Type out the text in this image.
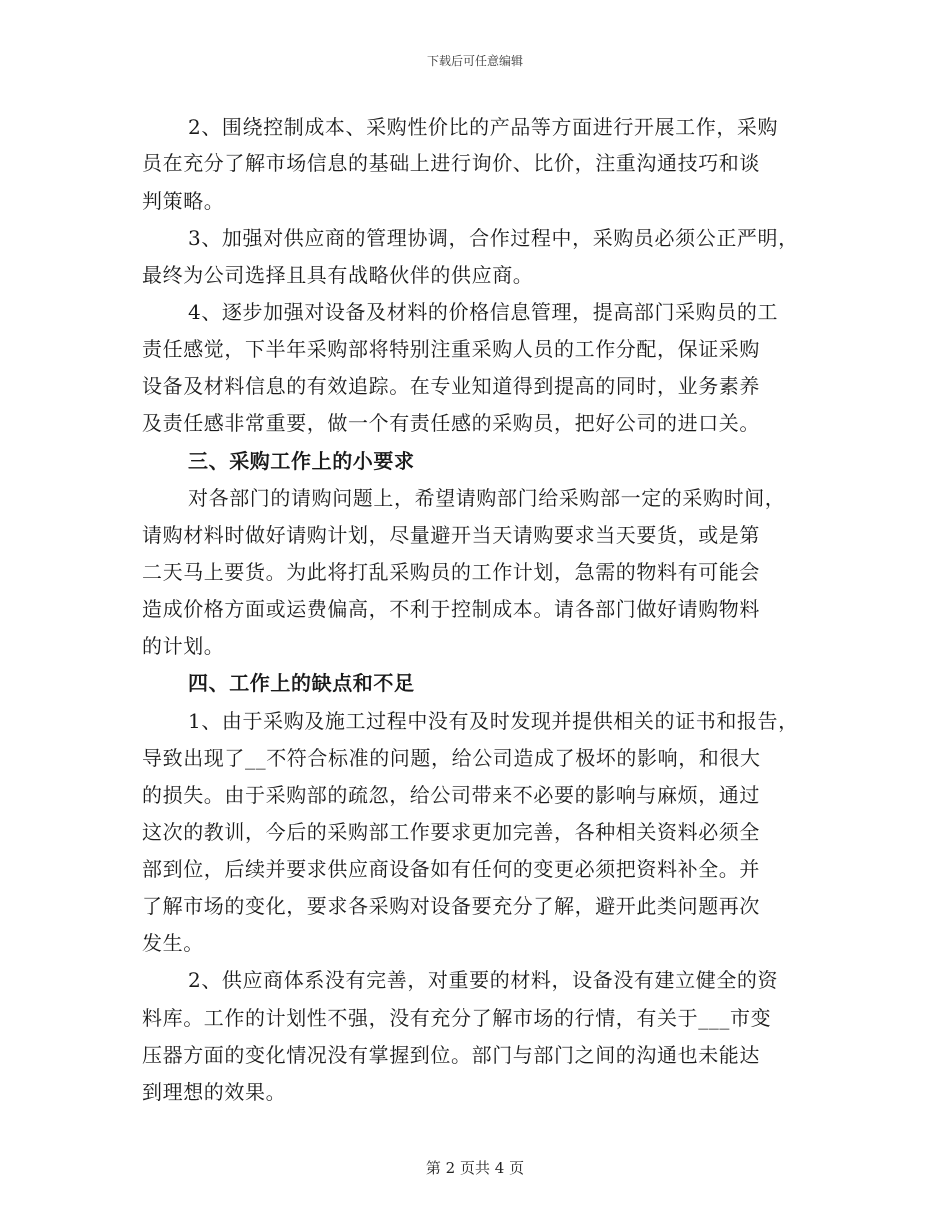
下载后可任意编辑
2、围绕控制成本、采购性价比的产品等方面进行开展工作，采购
员在充分了解市场信息的基础上进行询价、比价，注重沟通技巧和谈
判策略。
3、加强对供应商的管理协调，合作过程中，采购员必须公正严明，
最终为公司选择且具有战略伙伴的供应商。
4、逐步加强对设备及材料的价格信息管理，提高部门采购员的工
责任感觉，下半年采购部将特别注重采购人员的工作分配，保证采购
设备及材料信息的有效追踪。在专业知道得到提高的同时，业务素养
及责任感非常重要，做一个有责任感的采购员，把好公司的进口关。
三、采购工作上的小要求
对各部门的请购问题上，希望请购部门给采购部一定的采购时间，
请购材料时做好请购计划，尽量避开当天请购要求当天要货，或是第
二天马上要货。为此将打乱采购员的工作计划，急需的物料有可能会
造成价格方面或运费偏高，不利于控制成本。请各部门做好请购物料
的计划。
四、工作上的缺点和不足
1、由于采购及施工过程中没有及时发现并提供相关的证书和报告，
导致出现了__不符合标准的问题，给公司造成了极坏的影响，和很大
的损失。由于采购部的疏忽，给公司带来不必要的影响与麻烦，通过
这次的教训，今后的采购部工作要求更加完善，各种相关资料必须全
部到位，后续并要求供应商设备如有任何的变更必须把资料补全。并
了解市场的变化，要求各采购对设备要充分了解，避开此类问题再次
发生。
2、供应商体系没有完善，对重要的材料，设备没有建立健全的资
料库。工作的计划性不强，没有充分了解市场的行情，有关于___市变
压器方面的变化情况没有掌握到位。部门与部门之间的沟通也未能达
到理想的效果。
第 2 页共 4 页
